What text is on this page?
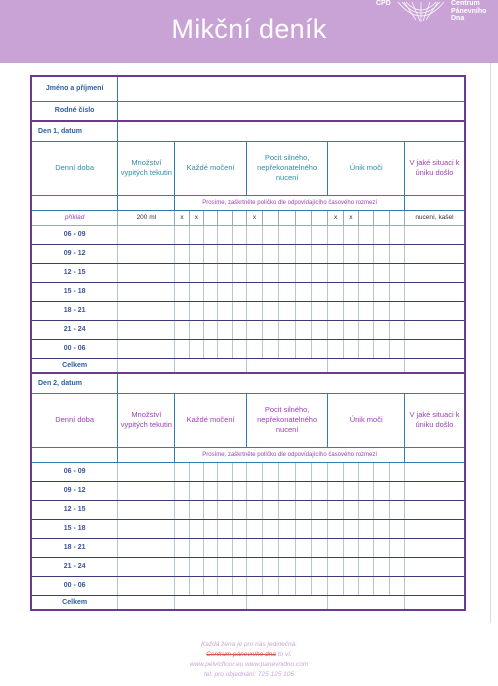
Mikční deník
CPD	Centrum
Pánevního
Dna
Jméno a příjmení																	
Rodné číslo																	
Den 1, datum																	
Denní doba	Množství vypitých tekutin	Každé močení					Pocit silného, nepřekonatelného nucení					Únik moči					V jaké situaci k úniku došlo
		Prosíme, zaškrtněte políčko dle odpovídajícího časového rozmezí															
příklad	200 ml	x	x				x					x	x				nucení, kašel
06 - 09																	
09 - 12																	
12 - 15																	
15 - 18																	
18 - 21																	
21 - 24																	
00 - 06																	
Celkem																	
Den 2, datum																	
Denní doba	Množství vypitých tekutin	Každé močení					Pocit silného, nepřekonatelného nucení					Únik moči					V jaké situaci k úniku došlo
		Prosíme, zaškrtněte políčko dle odpovídajícího časového rozmezí															
06 - 09																	
09 - 12																	
12 - 15																	
15 - 18																	
18 - 21																	
21 - 24																	
00 - 06																	
Celkem																	
Každá žena je pro nás jedinečná.
Centrum pánevního dna to ví.
www.pelvicfloor.eu www.panevnidno.com
tel. pro objednání: 725 125 105
